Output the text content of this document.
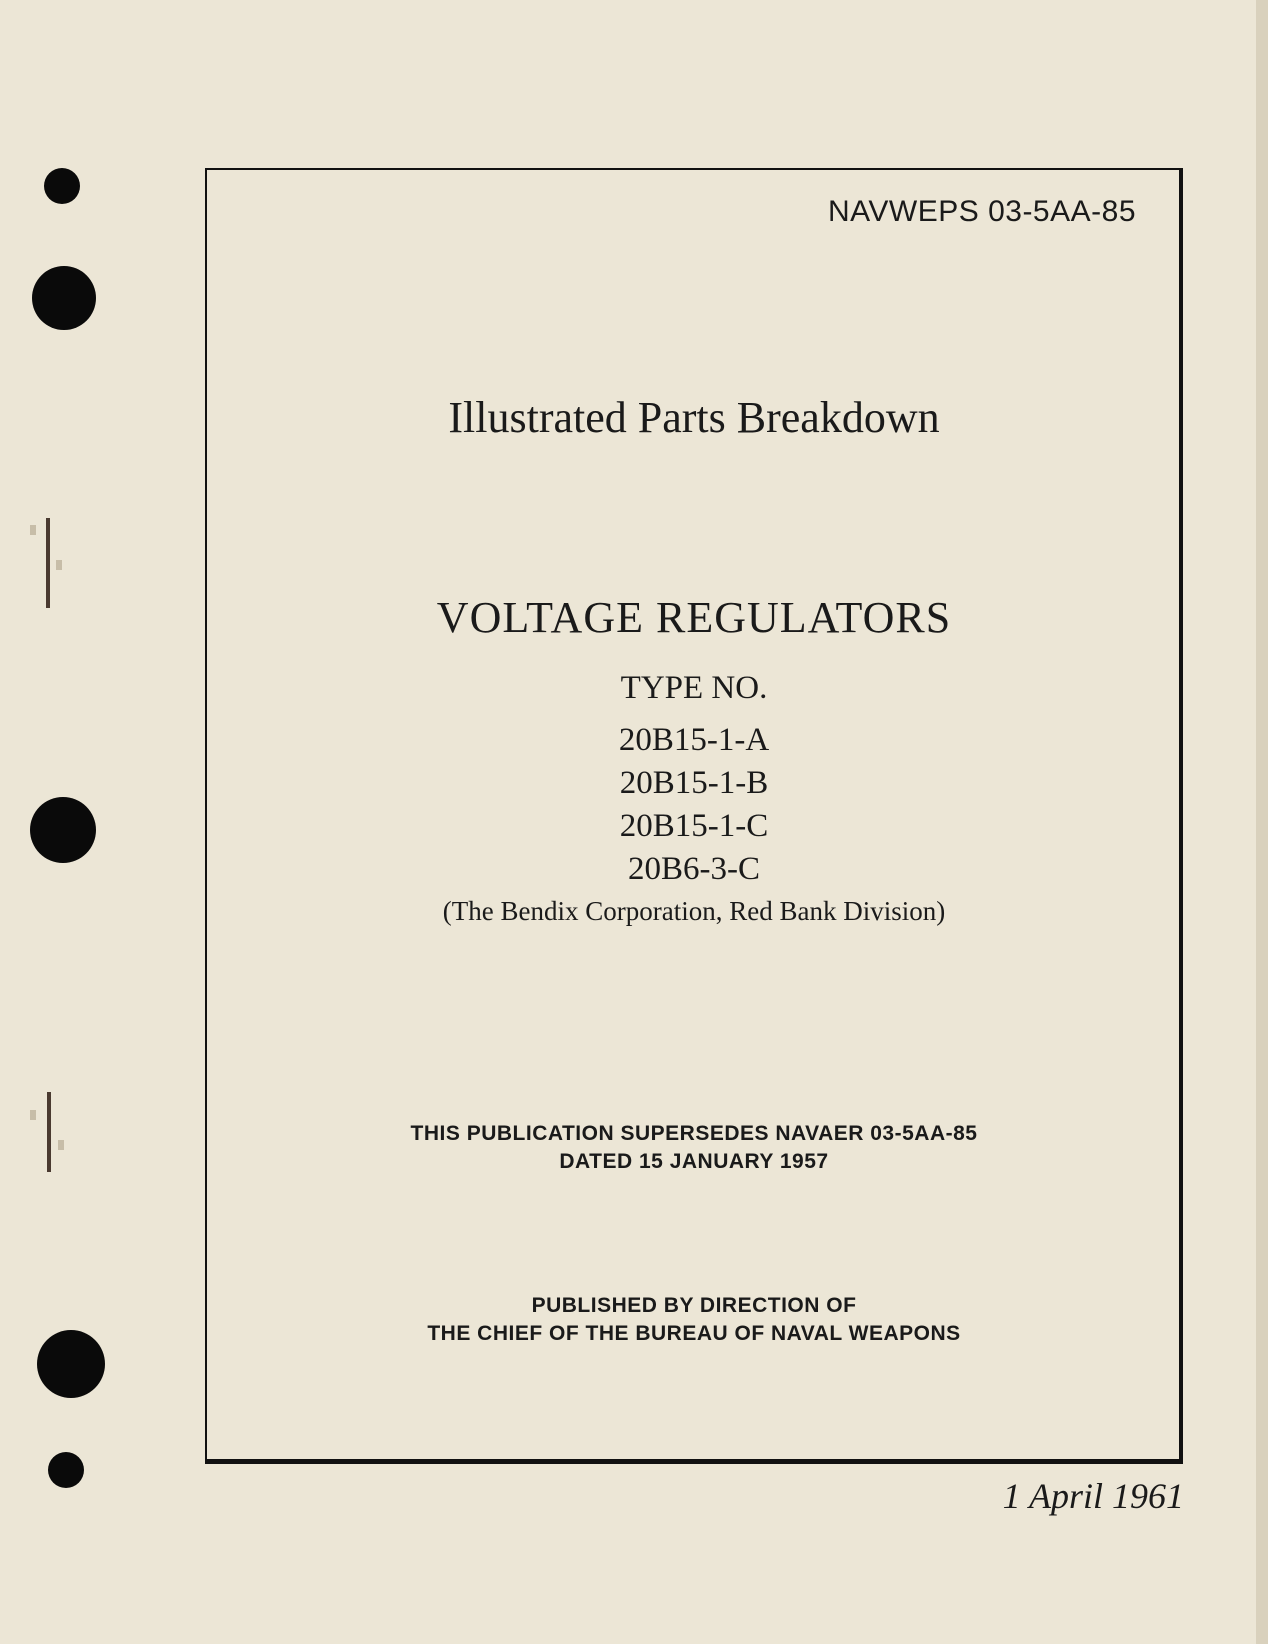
NAVWEPS 03-5AA-85
Illustrated Parts Breakdown
VOLTAGE REGULATORS
TYPE NO.
20B15-1-A
20B15-1-B
20B15-1-C
20B6-3-C
(The Bendix Corporation, Red Bank Division)
THIS PUBLICATION SUPERSEDES NAVAER 03-5AA-85
DATED 15 JANUARY 1957
PUBLISHED BY DIRECTION OF
THE CHIEF OF THE BUREAU OF NAVAL WEAPONS
1 April 1961
